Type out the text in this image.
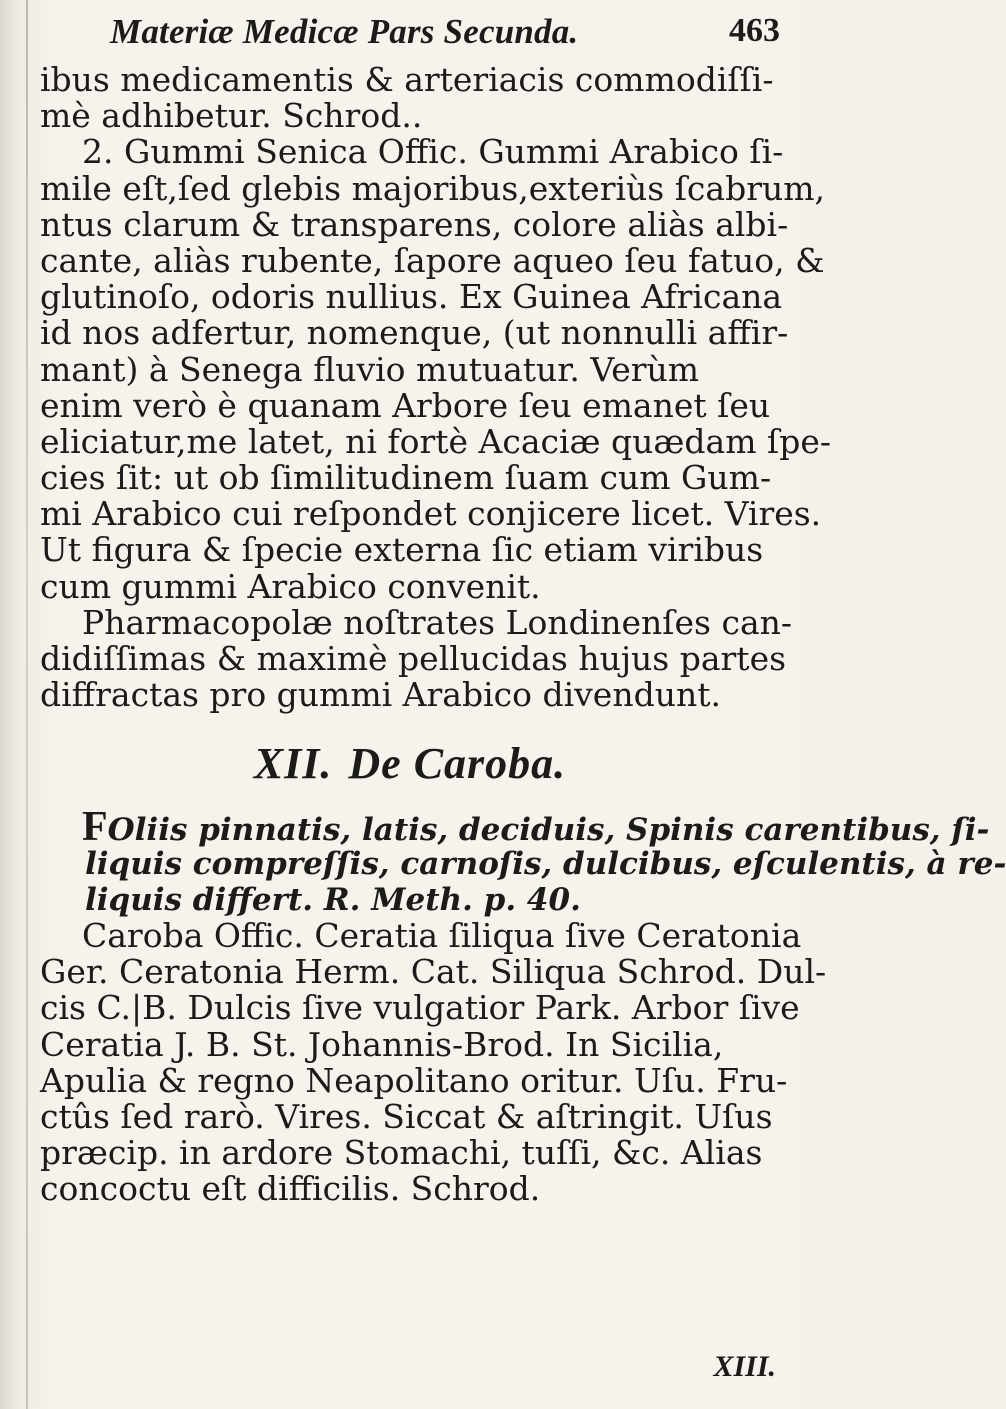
Materiæ Medicæ Pars Secunda.	463
ibus medicamentis & arteriacis commodiſſi-
mè adhibetur. Schrod..
2. Gummi Senica Offic. Gummi Arabico ſi-
mile eſt,ſed glebis majoribus,exteriùs ſcabrum,
ntus clarum & transparens, colore aliàs albi-
cante, aliàs rubente, ſapore aqueo ſeu fatuo, &
glutinoſo, odoris nullius. Ex Guinea Africana
id nos adfertur, nomenque, (ut nonnulli affir-
mant) à Senega fluvio mutuatur. Verùm
enim verò è quanam Arbore ſeu emanet ſeu
eliciatur,me latet, ni fortè Acaciæ quædam ſpe-
cies ſit: ut ob ſimilitudinem ſuam cum Gum-
mi Arabico cui reſpondet conjicere licet. Vires.
Ut figura & ſpecie externa ſic etiam viribus
cum gummi Arabico convenit.
Pharmacopolæ noſtrates Londinenſes can-
didiſſimas & maximè pellucidas hujus partes
diffractas pro gummi Arabico divendunt.
XII. De Caroba.
FOliis pinnatis, latis, deciduis, Spinis carentibus, ſi-
liquis compreſſis, carnoſis, dulcibus, eſculentis, à re-
liquis differt. R. Meth. p. 40.
Caroba Offic. Ceratia ſiliqua ſive Ceratonia
Ger. Ceratonia Herm. Cat. Siliqua Schrod. Dul-
cis C.|B. Dulcis ſive vulgatior Park. Arbor ſive
Ceratia J. B. St. Johannis-Brod. In Sicilia,
Apulia & regno Neapolitano oritur. Uſu. Fru-
ctûs ſed rarò. Vires. Siccat & aſtringit. Uſus
præcip. in ardore Stomachi, tuſſi, &c. Alias
concoctu eſt difficilis. Schrod.
XIII.
